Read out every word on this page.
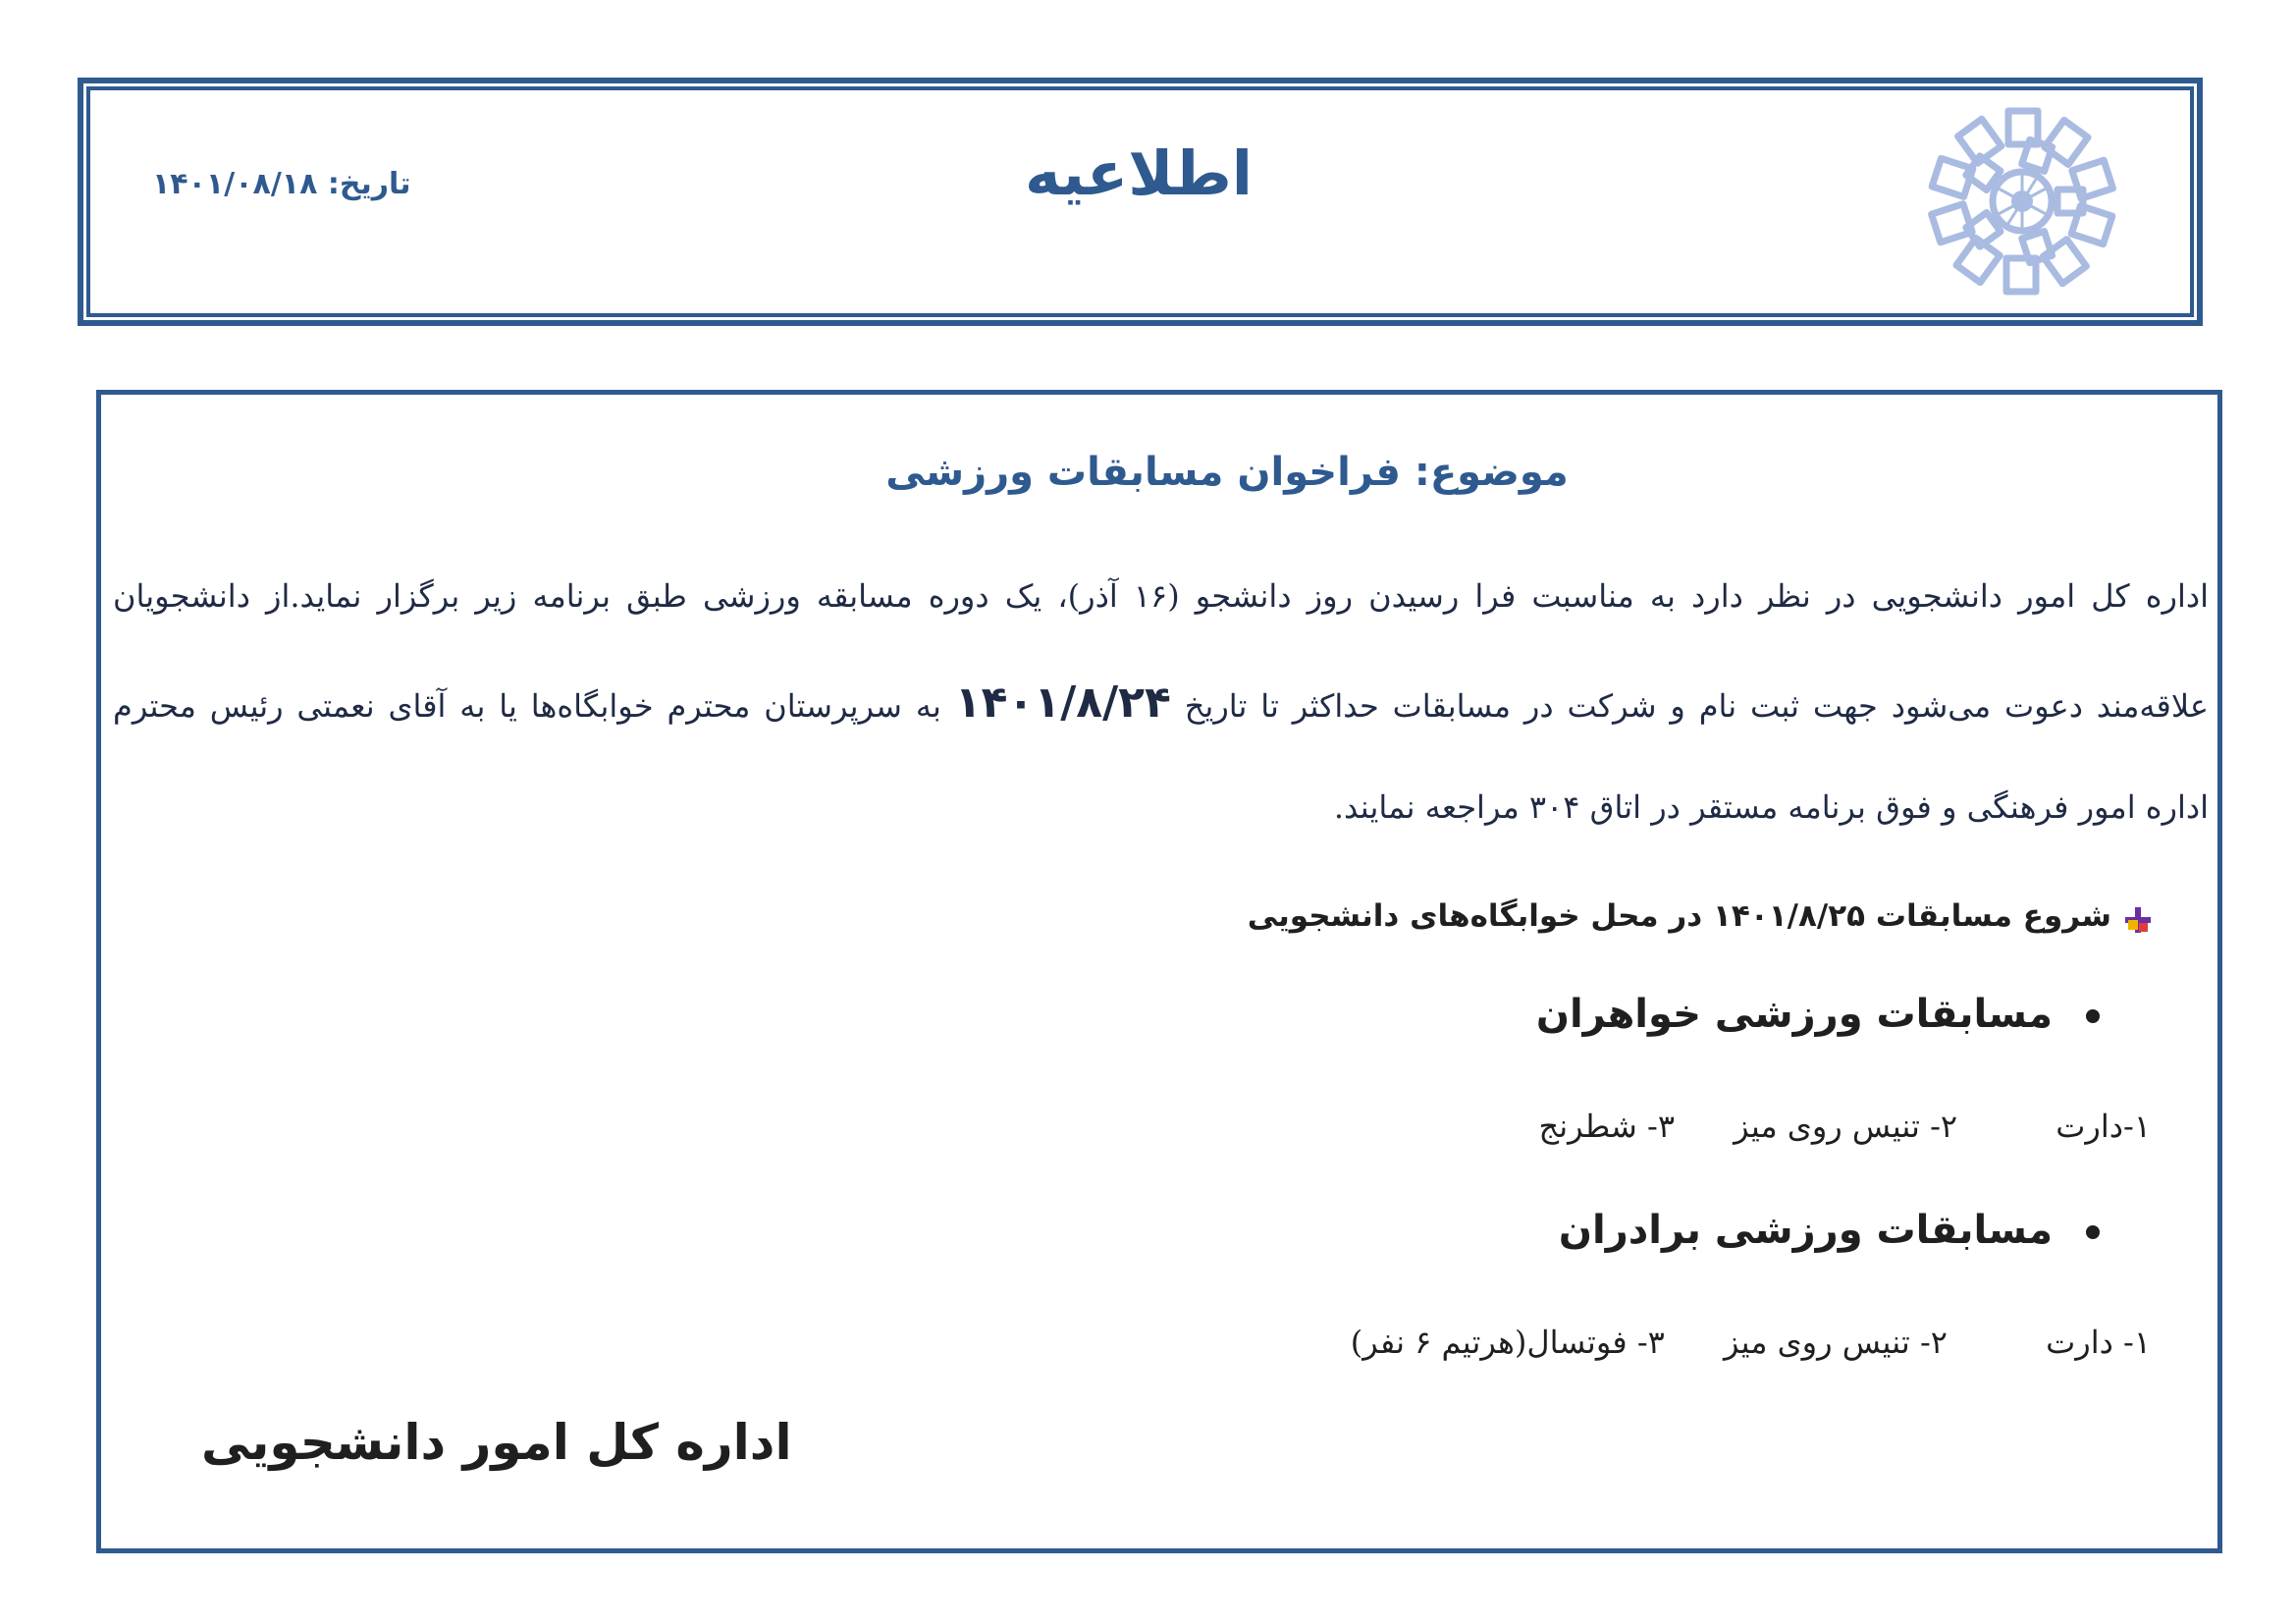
اطلاعیه
تاریخ: ۱۴۰۱/۰۸/۱۸
موضوع: فراخوان مسابقات ورزشی
اداره کل امور دانشجویی در نظر دارد به مناسبت فرا رسیدن روز دانشجو (۱۶ آذر)، یک دوره مسابقه ورزشی طبق برنامه زیر برگزار نماید.از دانشجویان
علاقه‌مند دعوت می‌شود جهت ثبت نام و شرکت در مسابقات حداکثر تا تاریخ ۱۴۰۱/۸/۲۴ به سرپرستان محترم خوابگاه‌ها یا به آقای نعمتی رئیس محترم
اداره امور فرهنگی و فوق برنامه مستقر در اتاق ۳۰۴ مراجعه نمایند.
شروع مسابقات ۱۴۰۱/۸/۲۵ در محل خوابگاه‌های دانشجویی
مسابقات ورزشی خواهران
۱-دارت ۲- تنیس روی میز ۳- شطرنج
مسابقات ورزشی برادران
۱- دارت ۲- تنیس روی میز ۳- فوتسال(هرتیم ۶ نفر)
اداره کل امور دانشجویی
